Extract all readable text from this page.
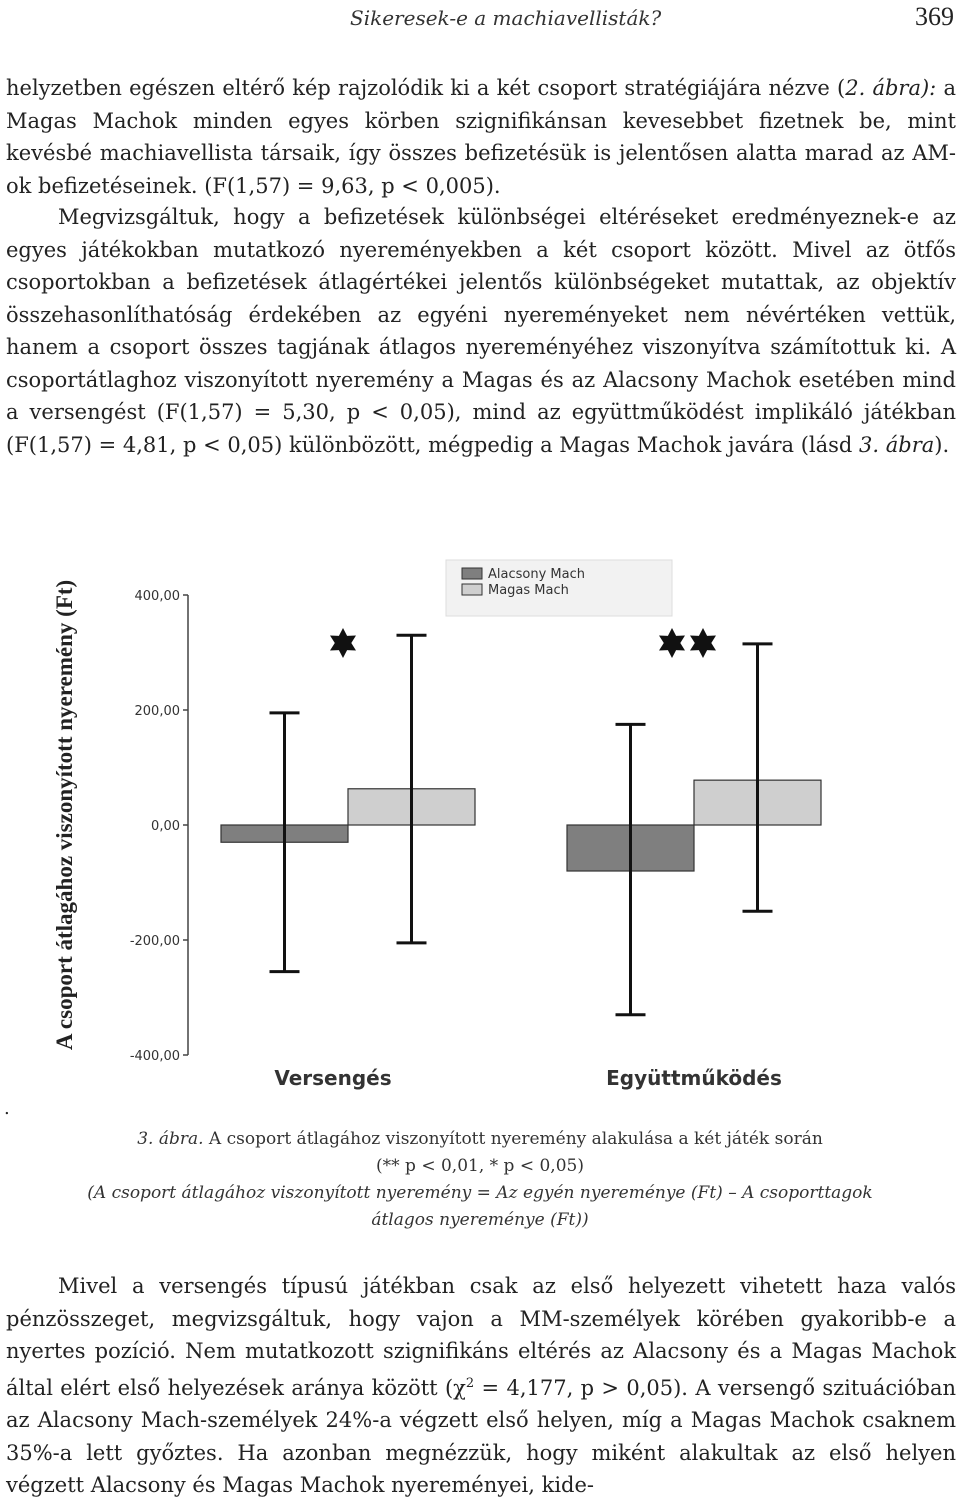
Sikeresek-e a machiavellisták?	369

helyzetben egészen eltérő kép rajzolódik ki a két csoport stratégiájára nézve (2. ábra): a Magas Machok minden egyes körben szignifikánsan kevesebbet fizetnek be, mint kevésbé machiavellista társaik, így összes befizetésük is jelentősen alatta marad az AM-ok befizetéseinek. (F(1,57) = 9,63, p < 0,005).

Megvizsgáltuk, hogy a befizetések különbségei eltéréseket eredményeznek-e az egyes játékokban mutatkozó nyereményekben a két csoport között. Mivel az ötfős csoportokban a befizetések átlagértékei jelentős különbségeket mutattak, az objektív összehasonlíthatóság érdekében az egyéni nyereményeket nem névértéken vettük, hanem a csoport összes tagjának átlagos nyereményéhez viszonyítva számítottuk ki. A csoportátlaghoz viszonyított nyeremény a Magas és az Alacsony Machok esetében mind a versengést (F(1,57) = 5,30, p < 0,05), mind az együttműködést implikáló játékban (F(1,57) = 4,81, p < 0,05) különbözött, mégpedig a Magas Machok javára (lásd 3. ábra).

-400,00
-200,00
0,00
200,00
400,00
A csoport átlagához viszonyított nyeremény (Ft)
Versengés	Együttműködés
Alacsony Mach
Magas Mach
.
3. ábra. A csoport átlagához viszonyított nyeremény alakulása a két játék során
(** p < 0,01, * p < 0,05)
(A csoport átlagához viszonyított nyeremény = Az egyén nyereménye (Ft) – A csoporttagok átlagos nyereménye (Ft))

Mivel a versengés típusú játékban csak az első helyezett vihetett haza valós pénzösszeget, megvizsgáltuk, hogy vajon a MM-személyek körében gyakoribb-e a nyertes pozíció. Nem mutatkozott szignifikáns eltérés az Alacsony és a Magas Machok által elért első helyezések aránya között ($\chi^2 = 4,177$, p > 0,05). A versengő szituációban az Alacsony Mach-személyek 24%-a végzett első helyen, míg a Magas Machok csaknem 35%-a lett győztes. Ha azonban megnézzük, hogy miként alakultak az első helyen végzett Alacsony és Magas Machok nyereményei, kide-
